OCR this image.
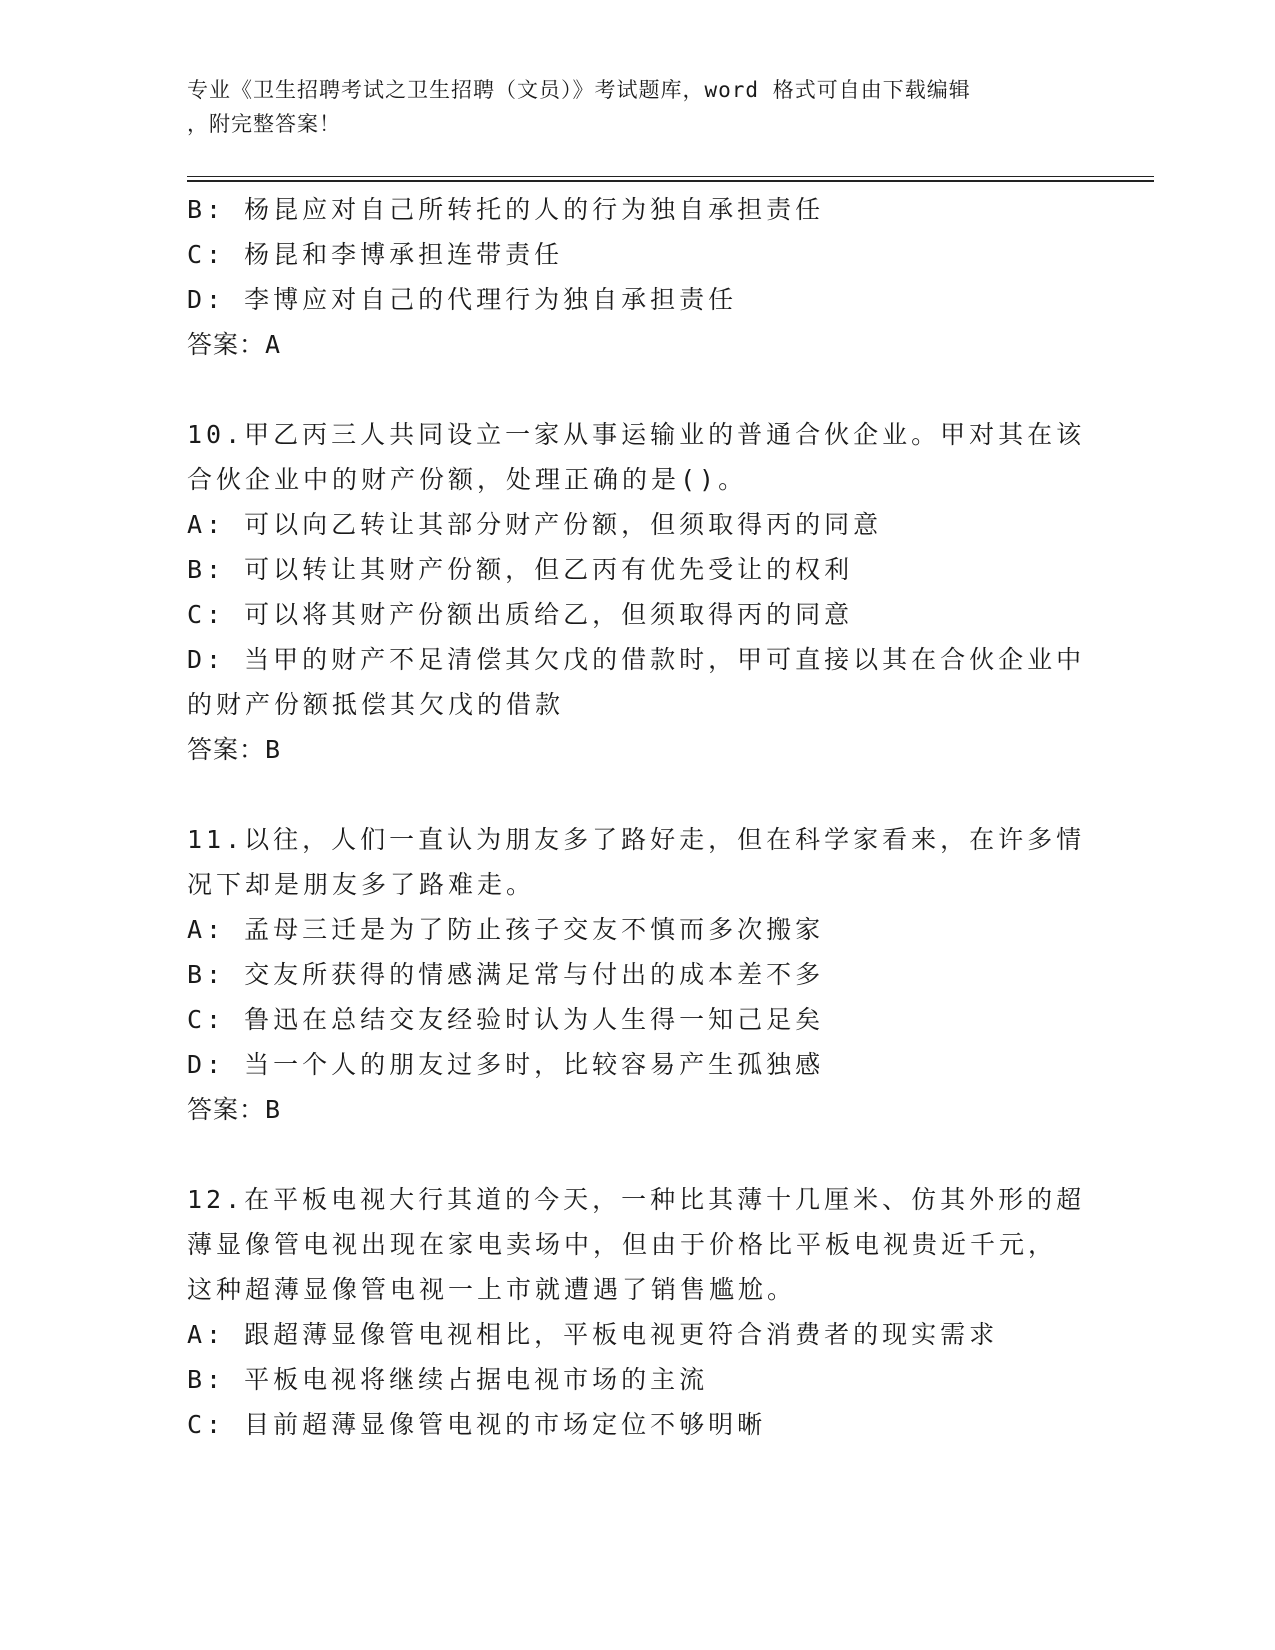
专业《卫生招聘考试之卫生招聘（文员）》考试题库，word 格式可自由下载编辑
，附完整答案！
B: 杨昆应对自己所转托的人的行为独自承担责任
C: 杨昆和李博承担连带责任
D: 李博应对自己的代理行为独自承担责任
答案：A
10.甲乙丙三人共同设立一家从事运输业的普通合伙企业。甲对其在该
合伙企业中的财产份额，处理正确的是()。
A: 可以向乙转让其部分财产份额，但须取得丙的同意
B: 可以转让其财产份额，但乙丙有优先受让的权利
C: 可以将其财产份额出质给乙，但须取得丙的同意
D: 当甲的财产不足清偿其欠戊的借款时，甲可直接以其在合伙企业中
的财产份额抵偿其欠戊的借款
答案：B
11.以往，人们一直认为朋友多了路好走，但在科学家看来，在许多情
况下却是朋友多了路难走。
A: 孟母三迁是为了防止孩子交友不慎而多次搬家
B: 交友所获得的情感满足常与付出的成本差不多
C: 鲁迅在总结交友经验时认为人生得一知己足矣
D: 当一个人的朋友过多时，比较容易产生孤独感
答案：B
12.在平板电视大行其道的今天，一种比其薄十几厘米、仿其外形的超
薄显像管电视出现在家电卖场中，但由于价格比平板电视贵近千元，
这种超薄显像管电视一上市就遭遇了销售尴尬。
A: 跟超薄显像管电视相比，平板电视更符合消费者的现实需求
B: 平板电视将继续占据电视市场的主流
C: 目前超薄显像管电视的市场定位不够明晰
